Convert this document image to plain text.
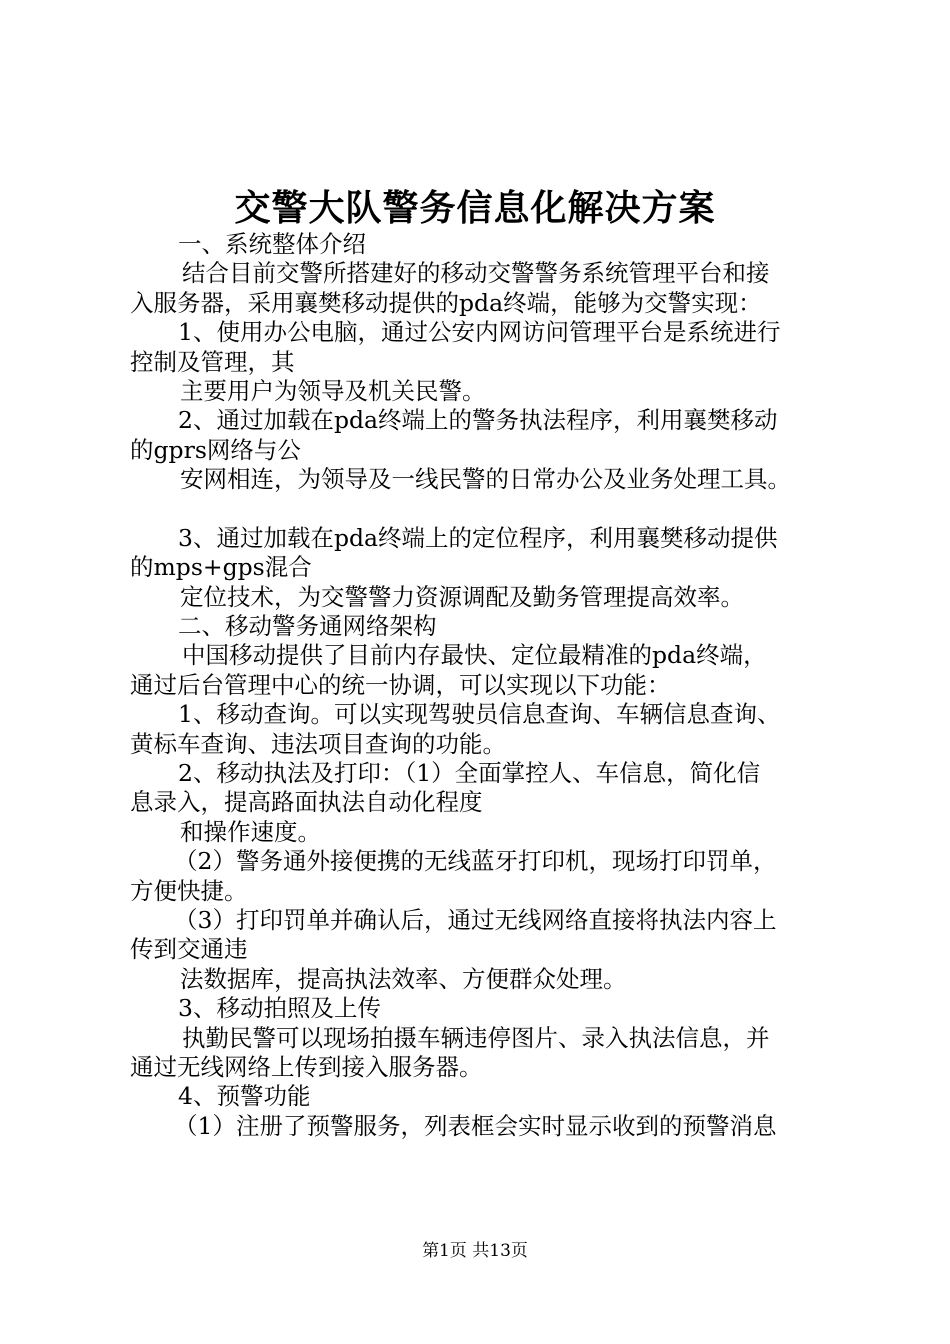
交警大队警务信息化解决方案
一、系统整体介绍
结合目前交警所搭建好的移动交警警务系统管理平台和接
入服务器，采用襄樊移动提供的pda终端，能够为交警实现：
1、使用办公电脑，通过公安内网访问管理平台是系统进行
控制及管理，其
主要用户为领导及机关民警。
2、通过加载在pda终端上的警务执法程序，利用襄樊移动
的gprs网络与公
安网相连，为领导及一线民警的日常办公及业务处理工具。
3、通过加载在pda终端上的定位程序，利用襄樊移动提供
的mps+gps混合
定位技术，为交警警力资源调配及勤务管理提高效率。
二、移动警务通网络架构
中国移动提供了目前内存最快、定位最精准的pda终端，
通过后台管理中心的统一协调，可以实现以下功能：
1、移动查询。可以实现驾驶员信息查询、车辆信息查询、
黄标车查询、违法项目查询的功能。
2、移动执法及打印：（1）全面掌控人、车信息，简化信
息录入，提高路面执法自动化程度
和操作速度。
（2）警务通外接便携的无线蓝牙打印机，现场打印罚单，
方便快捷。
（3）打印罚单并确认后，通过无线网络直接将执法内容上
传到交通违
法数据库，提高执法效率、方便群众处理。
3、移动拍照及上传
执勤民警可以现场拍摄车辆违停图片、录入执法信息，并
通过无线网络上传到接入服务器。
4、预警功能
（1）注册了预警服务，列表框会实时显示收到的预警消息
第1页 共13页
